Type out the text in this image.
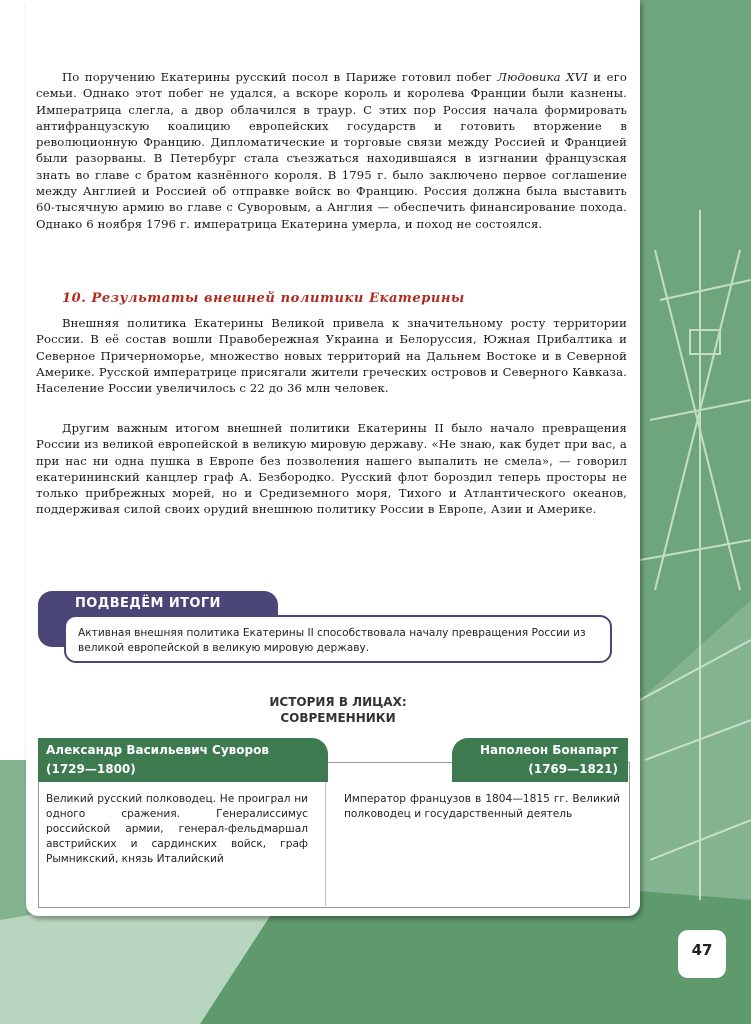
По поручению Екатерины русский посол в Париже готовил побег Людовика XVI и его семьи. Однако этот побег не удался, а вскоре король и королева Франции были казнены. Императрица слегла, а двор облачился в траур. С этих пор Россия начала формировать антифранцузскую коалицию европейских государств и готовить вторжение в революционную Францию. Дипломатические и торговые связи между Россией и Францией были разорваны. В Петербург стала съезжаться находившаяся в изгнании французская знать во главе с братом казнённого короля. В 1795 г. было заключено первое соглашение между Англией и Россией об отправке войск во Францию. Россия должна была выставить 60-тысячную армию во главе с Суворовым, а Англия — обеспечить финансирование похода. Однако 6 ноября 1796 г. императрица Екатерина умерла, и поход не состоялся.

10. Результаты внешней политики Екатерины

Внешняя политика Екатерины Великой привела к значительному росту территории России. В её состав вошли Правобережная Украина и Белоруссия, Южная Прибалтика и Северное Причерноморье, множество новых территорий на Дальнем Востоке и в Северной Америке. Русской императрице присягали жители греческих островов и Северного Кавказа. Население России увеличилось с 22 до 36 млн человек.

Другим важным итогом внешней политики Екатерины II было начало превращения России из великой европейской в великую мировую державу. «Не знаю, как будет при вас, а при нас ни одна пушка в Европе без позволения нашего выпалить не смела», — говорил екатерининский канцлер граф А. Безбородко. Русский флот бороздил теперь просторы не только прибрежных морей, но и Средиземного моря, Тихого и Атлантического океанов, поддерживая силой своих орудий внешнюю политику России в Европе, Азии и Америке.

ПОДВЕДЁМ ИТОГИ

Активная внешняя политика Екатерины II способствовала началу превращения России из великой европейской в великую мировую державу.

ИСТОРИЯ В ЛИЦАХ:
СОВРЕМЕННИКИ

Александр Васильевич Суворов

(1729—1800)

Наполеон Бонапарт

(1769—1821)

Великий русский полководец. Не проиграл ни одного сражения. Генералиссимус российской армии, генерал-фельдмаршал австрийских и сардинских войск, граф Рымникский, князь Италийский

Император французов в 1804—1815 гг. Великий полководец и государственный деятель

47
